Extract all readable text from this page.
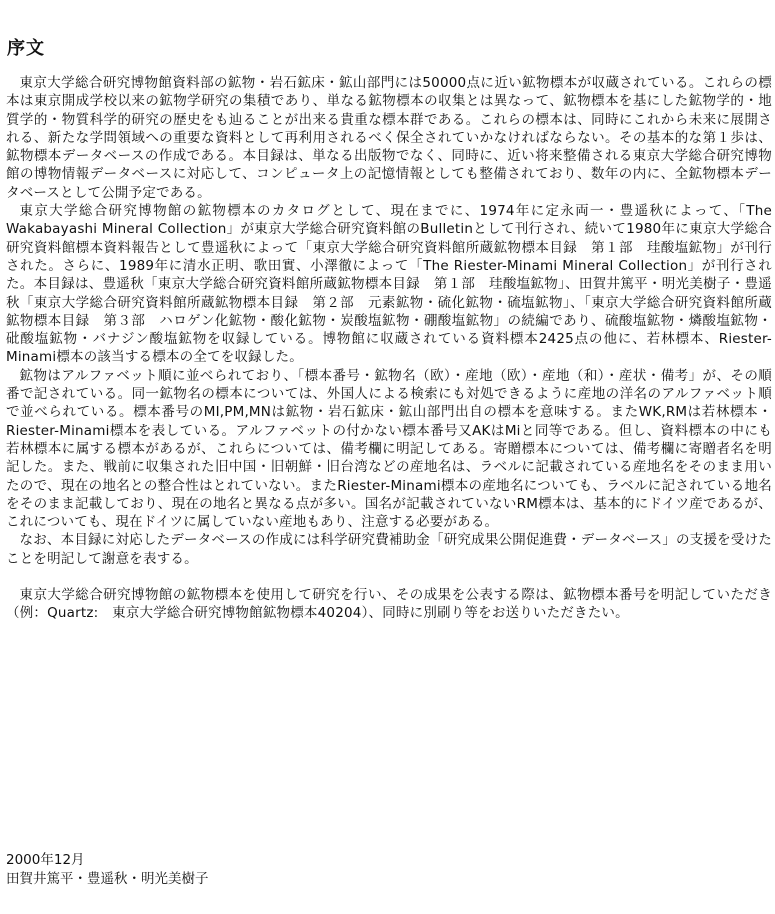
序文

東京大学総合研究博物館資料部の鉱物・岩石鉱床・鉱山部門には50000点に近い鉱物標本が収蔵されている。これらの標本は東京開成学校以来の鉱物学研究の集積であり、単なる鉱物標本の収集とは異なって、鉱物標本を基にした鉱物学的・地質学的・物質科学的研究の歴史をも辿ることが出来る貴重な標本群である。これらの標本は、同時にこれから未来に展開される、新たな学問領域への重要な資料として再利用されるべく保全されていかなければならない。その基本的な第１歩は、鉱物標本データベースの作成である。本目録は、単なる出版物でなく、同時に、近い将来整備される東京大学総合研究博物館の博物情報データベースに対応して、コンピュータ上の記憶情報としても整備されており、数年の内に、全鉱物標本データベースとして公開予定である。

東京大学総合研究博物館の鉱物標本のカタログとして、現在までに、1974年に定永両一・豊遥秋によって、「The Wakabayashi Mineral Collection」が東京大学総合研究資料館のBulletinとして刊行され、続いて1980年に東京大学総合研究資料館標本資料報告として豊遥秋によって「東京大学総合研究資料館所蔵鉱物標本目録　第１部　珪酸塩鉱物」が刊行された。さらに、1989年に清水正明、歌田實、小澤徹によって「The Riester-Minami Mineral Collection」が刊行された。本目録は、豊遥秋「東京大学総合研究資料館所蔵鉱物標本目録　第１部　珪酸塩鉱物」、田賀井篤平・明光美樹子・豊遥秋「東京大学総合研究資料館所蔵鉱物標本目録　第２部　元素鉱物・硫化鉱物・硫塩鉱物」、「東京大学総合研究資料館所蔵鉱物標本目録　第３部　ハロゲン化鉱物・酸化鉱物・炭酸塩鉱物・硼酸塩鉱物」の続編であり、硫酸塩鉱物・燐酸塩鉱物・砒酸塩鉱物・バナジン酸塩鉱物を収録している。博物館に収蔵されている資料標本2425点の他に、若林標本、Riester-Minami標本の該当する標本の全てを収録した。

鉱物はアルファベット順に並べられており、「標本番号・鉱物名（欧）・産地（欧）・産地（和）・産状・備考」が、その順番で記されている。同一鉱物名の標本については、外国人による検索にも対処できるように産地の洋名のアルファベット順で並べられている。標本番号のMI,PM,MNは鉱物・岩石鉱床・鉱山部門出自の標本を意味する。またWK,RMは若林標本・Riester-Minami標本を表している。アルファベットの付かない標本番号又AKはMiと同等である。但し、資料標本の中にも若林標本に属する標本があるが、これらについては、備考欄に明記してある。寄贈標本については、備考欄に寄贈者名を明記した。また、戦前に収集された旧中国・旧朝鮮・旧台湾などの産地名は、ラベルに記載されている産地名をそのまま用いたので、現在の地名との整合性はとれていない。またRiester-Minami標本の産地名についても、ラベルに記されている地名をそのまま記載しており、現在の地名と異なる点が多い。国名が記載されていないRM標本は、基本的にドイツ産であるが、これについても、現在ドイツに属していない産地もあり、注意する必要がある。

なお、本目録に対応したデータベースの作成には科学研究費補助金「研究成果公開促進費・データベース」の支援を受けたことを明記して謝意を表する。

東京大学総合研究博物館の鉱物標本を使用して研究を行い、その成果を公表する際は、鉱物標本番号を明記していただき（例：Quartz:　東京大学総合研究博物館鉱物標本40204）、同時に別刷り等をお送りいただきたい。

2000年12月
田賀井篤平・豊遥秋・明光美樹子
